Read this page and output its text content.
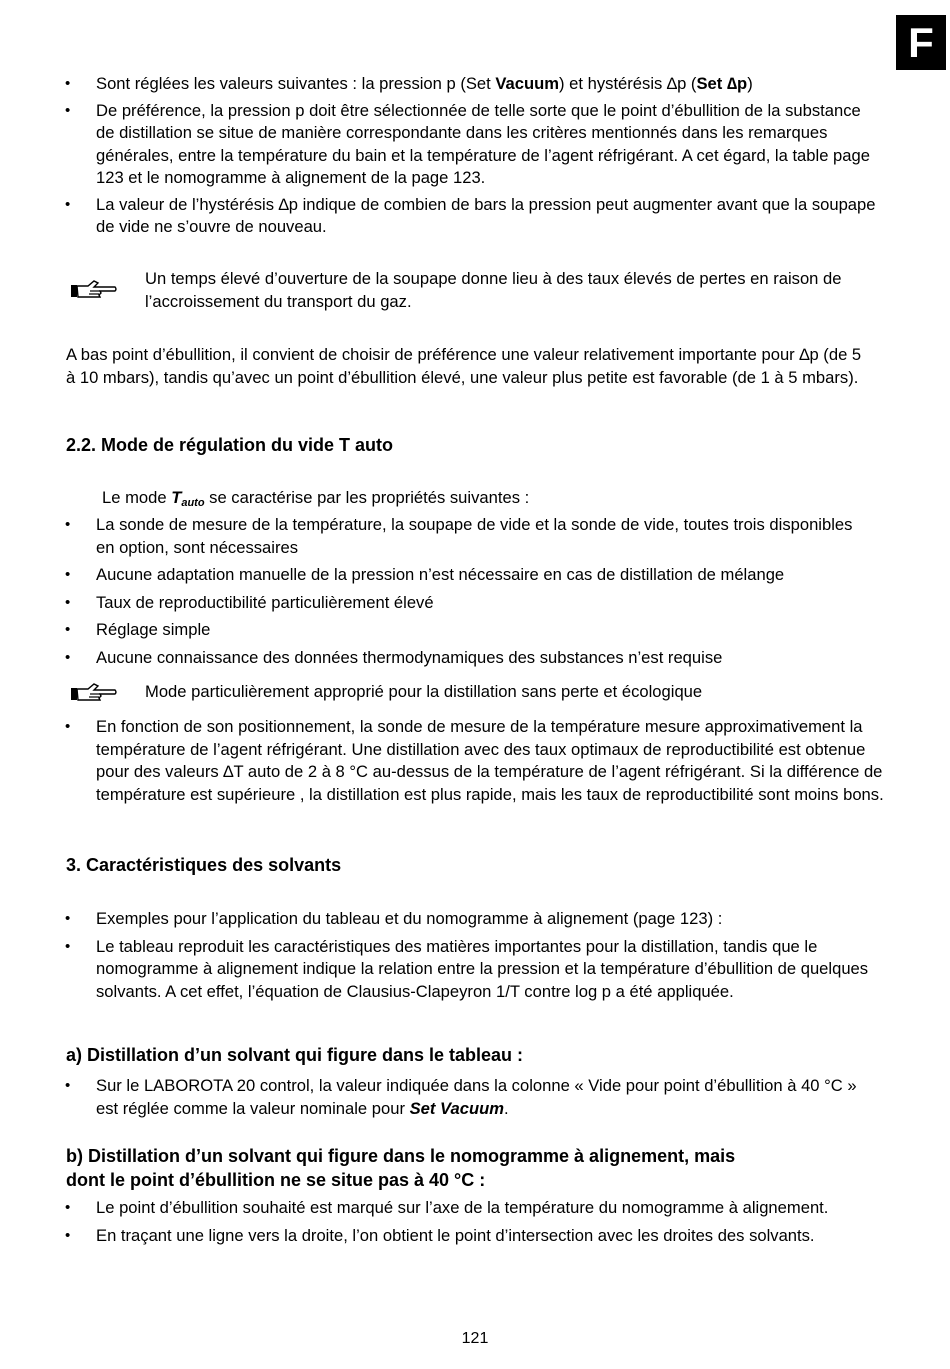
F
• Sont réglées les valeurs suivantes : la pression p (Set Vacuum) et hystérésis ∆p (Set ∆p)
• De préférence, la pression p doit être sélectionnée de telle sorte que le point d’ébullition de la substance de distillation se situe de manière correspondante dans les critères mentionnés dans les remarques générales, entre la température du bain et la température de l’agent réfrigérant. A cet égard, la table page 123 et le nomogramme à alignement de la page 123.
• La valeur de l’hystérésis ∆p indique de combien de bars la pression peut augmenter avant que la soupape de vide ne s’ouvre de nouveau.
Un temps élevé d’ouverture de la soupape donne lieu à des taux élevés de pertes en raison de l’accroissement du transport du gaz.
A bas point d’ébullition, il convient de choisir de préférence une valeur relativement importante pour ∆p (de 5 à 10 mbars), tandis qu’avec un point d’ébullition élevé, une valeur plus petite est favorable (de 1 à 5 mbars).
2.2. Mode de régulation du vide T auto
Le mode $T_{auto}$ se caractérise par les propriétés suivantes :
• La sonde de mesure de la température, la soupape de vide et la sonde de vide, toutes trois disponibles en option, sont nécessaires
• Aucune adaptation manuelle de la pression n’est nécessaire en cas de distillation de mélange
• Taux de reproductibilité particulièrement élevé
• Réglage simple
• Aucune connaissance des données thermodynamiques des substances n’est requise
Mode particulièrement approprié pour la distillation sans perte et écologique
• En fonction de son positionnement, la sonde de mesure de la température mesure approximativement la température de l’agent réfrigérant. Une distillation avec des taux optimaux de reproductibilité est obtenue pour des valeurs ∆T auto de 2 à 8 °C au-dessus de la température de l’agent réfrigérant. Si la différence de température est supérieure , la distillation est plus rapide, mais les taux de reproductibilité sont moins bons.
3. Caractéristiques des solvants
• Exemples pour l’application du tableau et du nomogramme à alignement (page 123) :
• Le tableau reproduit les caractéristiques des matières importantes pour la distillation, tandis que le nomogramme à alignement indique la relation entre la pression et la température d’ébullition de quelques solvants. A cet effet, l’équation de Clausius-Clapeyron 1/T contre log p a été appliquée.
a) Distillation d’un solvant qui figure dans le tableau :
• Sur le LABOROTA 20 control, la valeur indiquée dans la colonne « Vide pour point d’ébullition à 40 °C » est réglée comme la valeur nominale pour Set Vacuum.
b) Distillation d’un solvant qui figure dans le nomogramme à alignement, mais
dont le point d’ébullition ne se situe pas à 40 °C :
• Le point d’ébullition souhaité est marqué sur l’axe de la température du nomogramme à alignement.
• En traçant une ligne vers la droite, l’on obtient le point d’intersection avec les droites des solvants.
121
